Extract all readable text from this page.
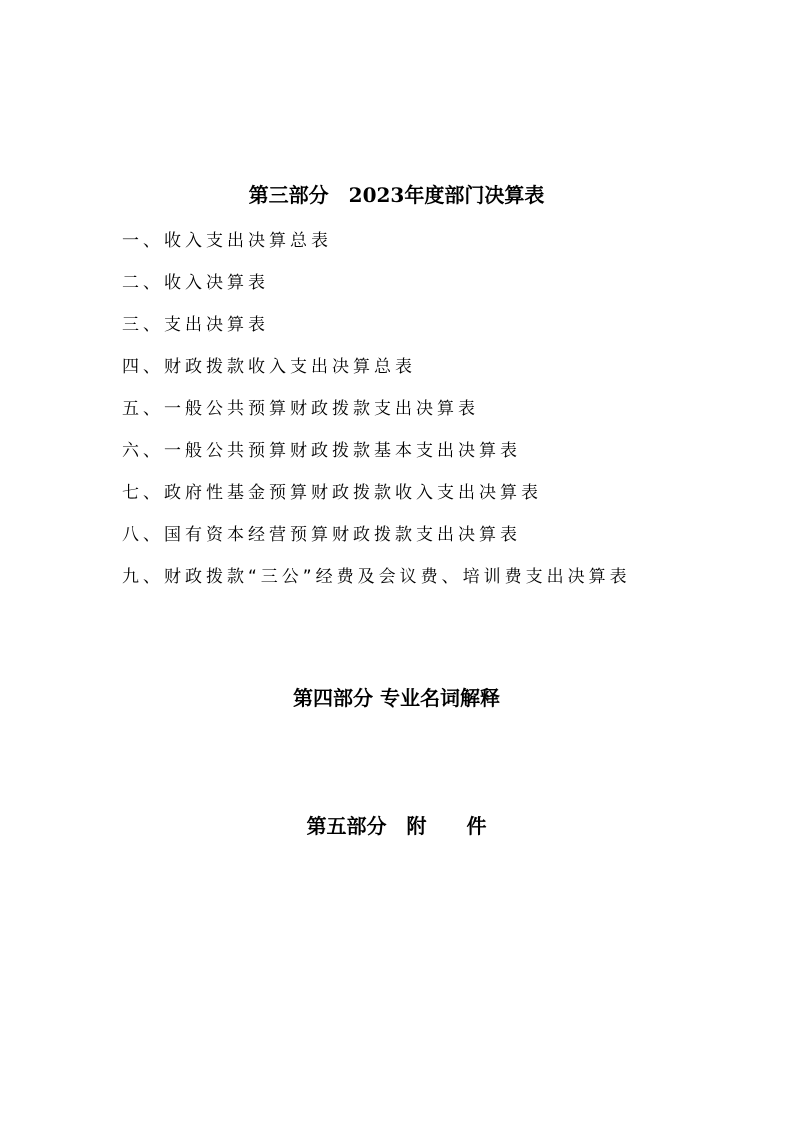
第三部分　2023年度部门决算表
一、收入支出决算总表
二、收入决算表
三、支出决算表
四、财政拨款收入支出决算总表
五、一般公共预算财政拨款支出决算表
六、一般公共预算财政拨款基本支出决算表
七、政府性基金预算财政拨款收入支出决算表
八、国有资本经营预算财政拨款支出决算表
九、财政拨款“三公”经费及会议费、培训费支出决算表
第四部分 专业名词解释
第五部分　附　　件
